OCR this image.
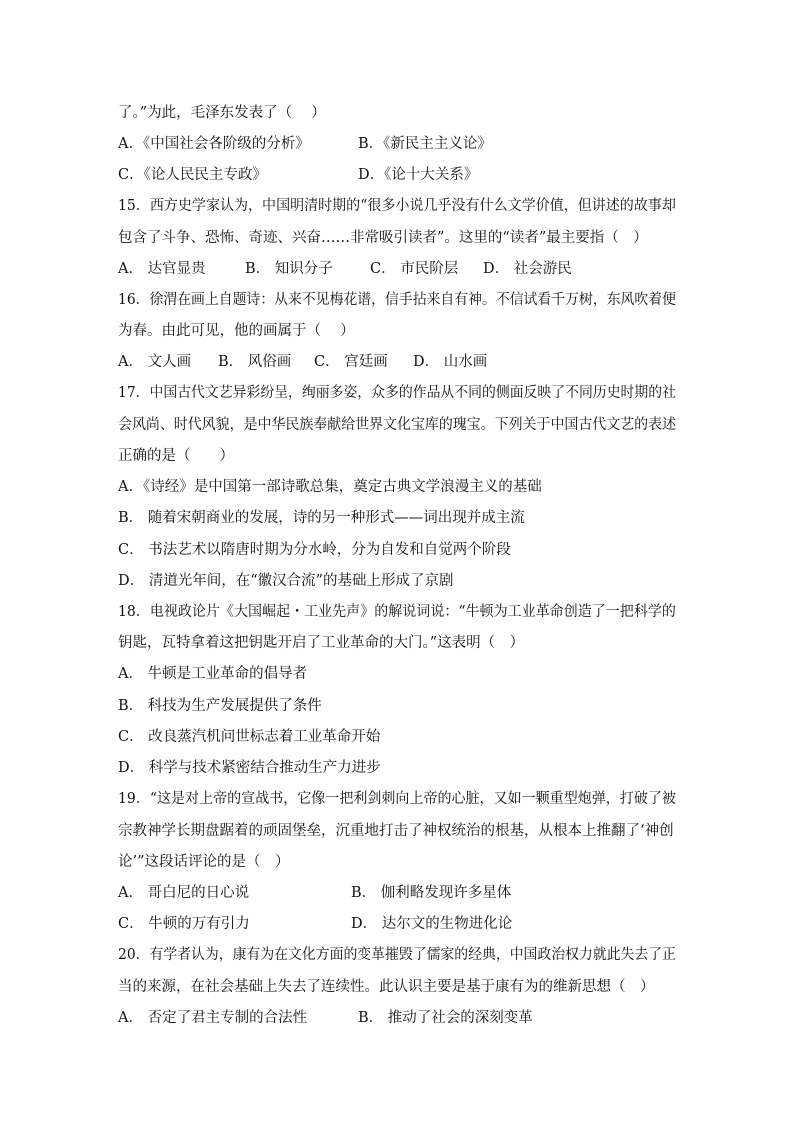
了。”为此，毛泽东发表了（　 ）
A．《中国社会各阶级的分析》	B．《新民主主义论》
C．《论人民民主专政》	D．《论十大关系》
15．西方史学家认为，中国明清时期的“很多小说几乎没有什么文学价值，但讲述的故事却
包含了斗争、恐怖、奇迹、兴奋……非常吸引读者”。这里的“读者”最主要指（　）
A． 达官显贵	B． 知识分子	C． 市民阶层 D． 社会游民
16．徐渭在画上自题诗：从来不见梅花谱，信手拈来自有神。不信试看千万树，东风吹着便
为春。由此可见，他的画属于（　 ）
A． 文人画 B． 风俗画 C． 宫廷画 D． 山水画
17．中国古代文艺异彩纷呈，绚丽多姿，众多的作品从不同的侧面反映了不同历史时期的社
会风尚、时代风貌，是中华民族奉献给世界文化宝库的瑰宝。下列关于中国古代文艺的表述
正确的是（　　）
A．《诗经》是中国第一部诗歌总集，奠定古典文学浪漫主义的基础
B． 随着宋朝商业的发展，诗的另一种形式——词出现并成主流
C． 书法艺术以隋唐时期为分水岭，分为自发和自觉两个阶段
D． 清道光年间，在“徽汉合流”的基础上形成了京剧
18．电视政论片《大国崛起・工业先声》的解说词说：“牛顿为工业革命创造了一把科学的
钥匙，瓦特拿着这把钥匙开启了工业革命的大门。”这表明（　）
A． 牛顿是工业革命的倡导者
B． 科技为生产发展提供了条件
C． 改良蒸汽机问世标志着工业革命开始
D． 科学与技术紧密结合推动生产力进步
19．“这是对上帝的宣战书，它像一把利剑刺向上帝的心脏，又如一颗重型炮弹，打破了被
宗教神学长期盘踞着的顽固堡垒，沉重地打击了神权统治的根基，从根本上推翻了‘神创
论’”这段话评论的是（　）
A． 哥白尼的日心说	B． 伽利略发现许多星体
C． 牛顿的万有引力	D． 达尔文的生物进化论
20．有学者认为，康有为在文化方面的变革摧毁了儒家的经典，中国政治权力就此失去了正
当的来源，在社会基础上失去了连续性。此认识主要是基于康有为的维新思想（　）
A． 否定了君主专制的合法性	B． 推动了社会的深刻变革
